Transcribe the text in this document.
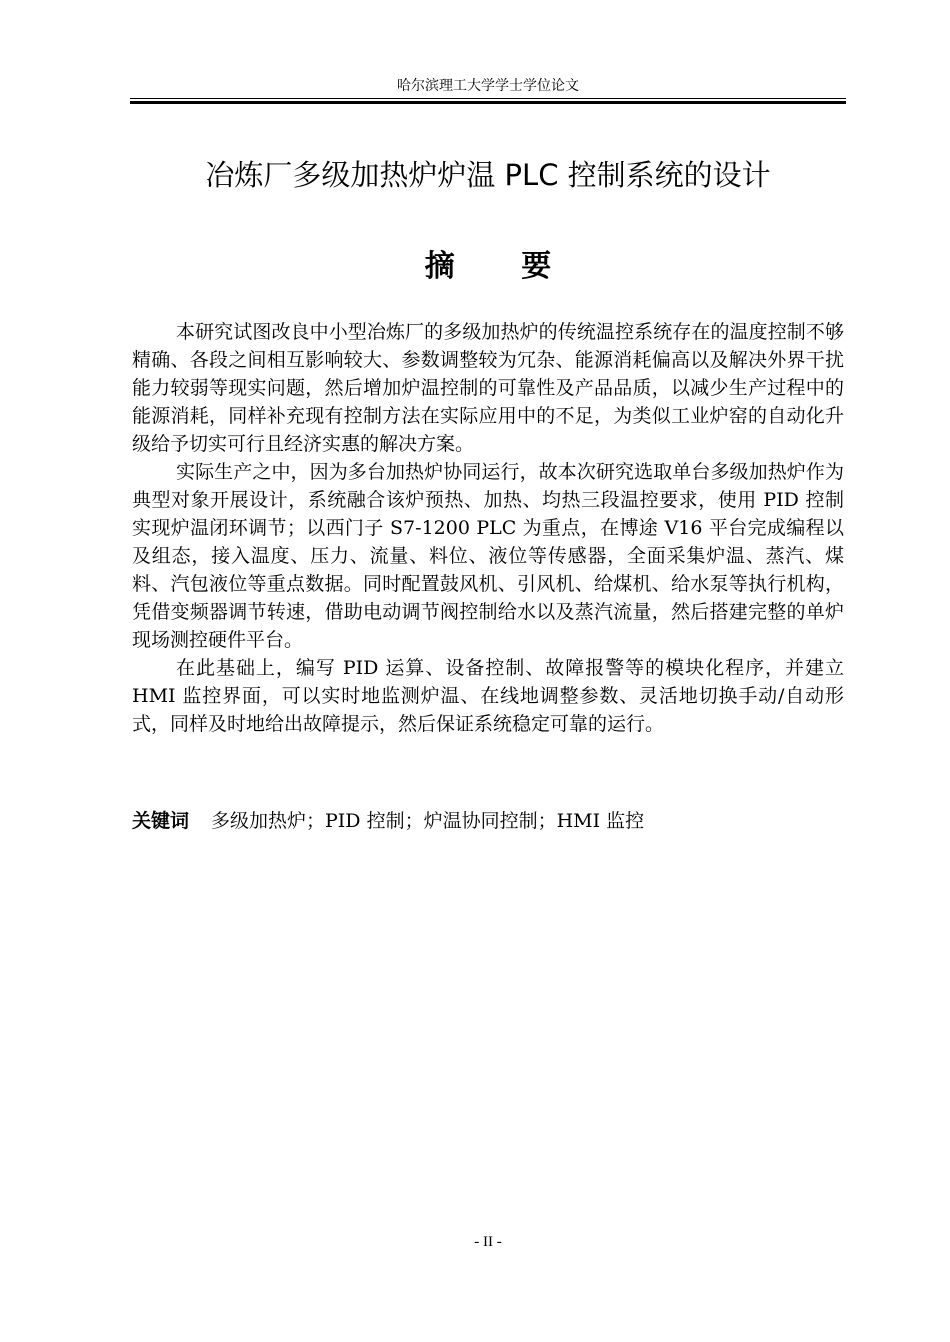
哈尔滨理工大学学士学位论文
冶炼厂多级加热炉炉温 PLC 控制系统的设计
摘 要

本研究试图改良中小型冶炼厂的多级加热炉的传统温控系统存在的温度控制不够精确、各段之间相互影响较大、参数调整较为冗杂、能源消耗偏高以及解决外界干扰能力较弱等现实问题，然后增加炉温控制的可靠性及产品品质，以减少生产过程中的能源消耗，同样补充现有控制方法在实际应用中的不足，为类似工业炉窑的自动化升级给予切实可行且经济实惠的解决方案。

实际生产之中，因为多台加热炉协同运行，故本次研究选取单台多级加热炉作为典型对象开展设计，系统融合该炉预热、加热、均热三段温控要求，使用 PID 控制实现炉温闭环调节；以西门子 S7-1200 PLC 为重点，在博途 V16 平台完成编程以及组态，接入温度、压力、流量、料位、液位等传感器，全面采集炉温、蒸汽、煤料、汽包液位等重点数据。同时配置鼓风机、引风机、给煤机、给水泵等执行机构，凭借变频器调节转速，借助电动调节阀控制给水以及蒸汽流量，然后搭建完整的单炉现场测控硬件平台。

在此基础上，编写 PID 运算、设备控制、故障报警等的模块化程序，并建立 HMI 监控界面，可以实时地监测炉温、在线地调整参数、灵活地切换手动/自动形式，同样及时地给出故障提示，然后保证系统稳定可靠的运行。

关键词 多级加热炉；PID 控制；炉温协同控制；HMI 监控
- II -
